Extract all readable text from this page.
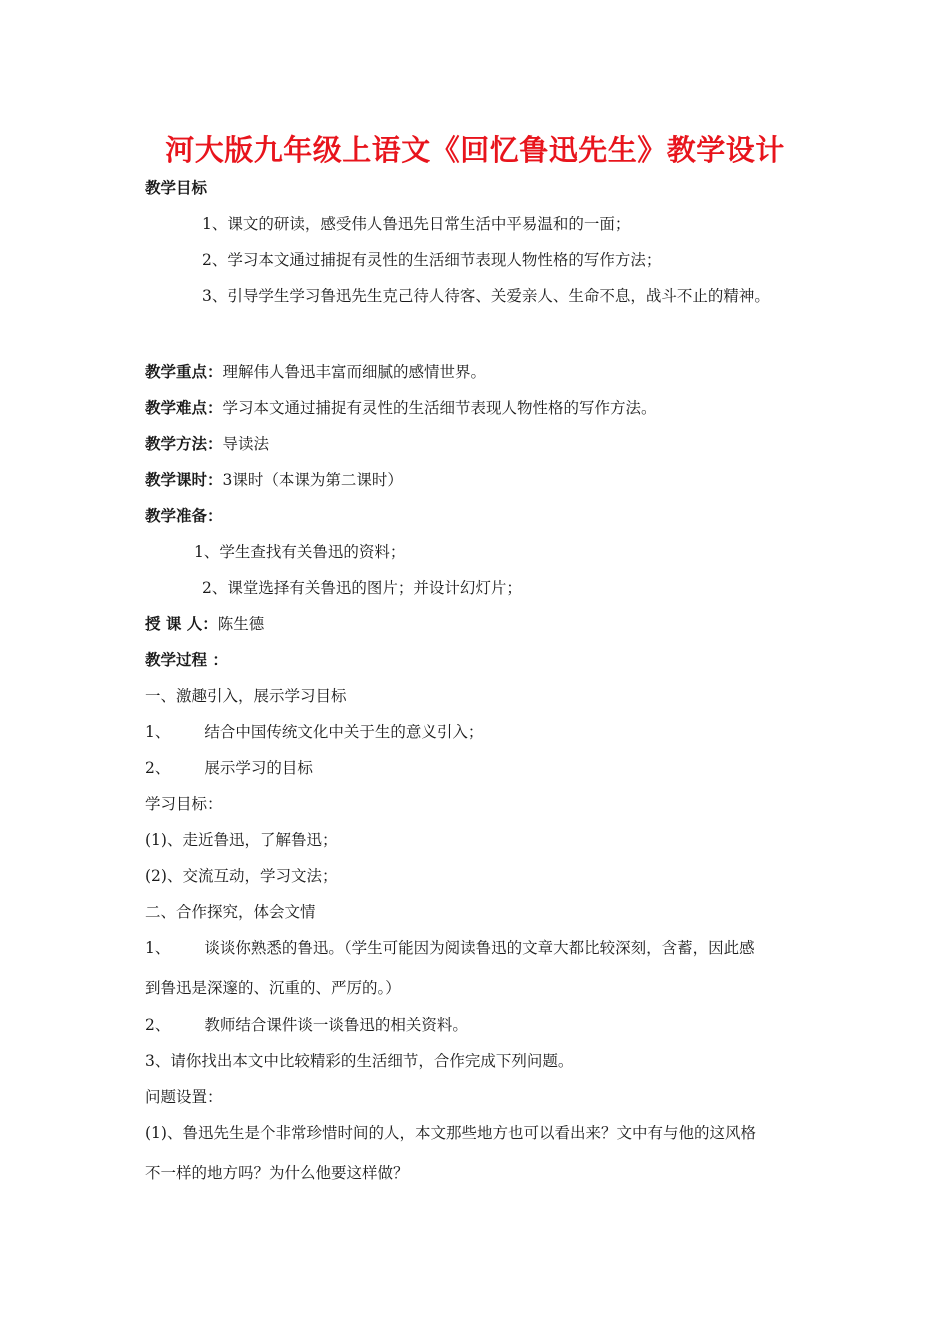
河大版九年级上语文《回忆鲁迅先生》教学设计
教学目标
1、课文的研读，感受伟人鲁迅先日常生活中平易温和的一面；
2、学习本文通过捕捉有灵性的生活细节表现人物性格的写作方法；
3、引导学生学习鲁迅先生克己待人待客、关爱亲人、生命不息，战斗不止的精神。
教学重点：理解伟人鲁迅丰富而细腻的感情世界。
教学难点：学习本文通过捕捉有灵性的生活细节表现人物性格的写作方法。
教学方法：导读法
教学课时：3课时（本课为第二课时）
教学准备：
1、学生查找有关鲁迅的资料；
2、课堂选择有关鲁迅的图片；并设计幻灯片；
授 课 人：陈生德
教学过程 ：
一、激趣引入，展示学习目标
1、 结合中国传统文化中关于生的意义引入；
2、 展示学习的目标
学习目标：
(1)、走近鲁迅，了解鲁迅；
(2)、交流互动，学习文法；
二、合作探究，体会文情
1、 谈谈你熟悉的鲁迅。（学生可能因为阅读鲁迅的文章大都比较深刻，含蓄，因此感
到鲁迅是深邃的、沉重的、严厉的。）
2、 教师结合课件谈一谈鲁迅的相关资料。
3、请你找出本文中比较精彩的生活细节，合作完成下列问题。
问题设置：
(1)、鲁迅先生是个非常珍惜时间的人，本文那些地方也可以看出来？文中有与他的这风格
不一样的地方吗？为什么他要这样做？
